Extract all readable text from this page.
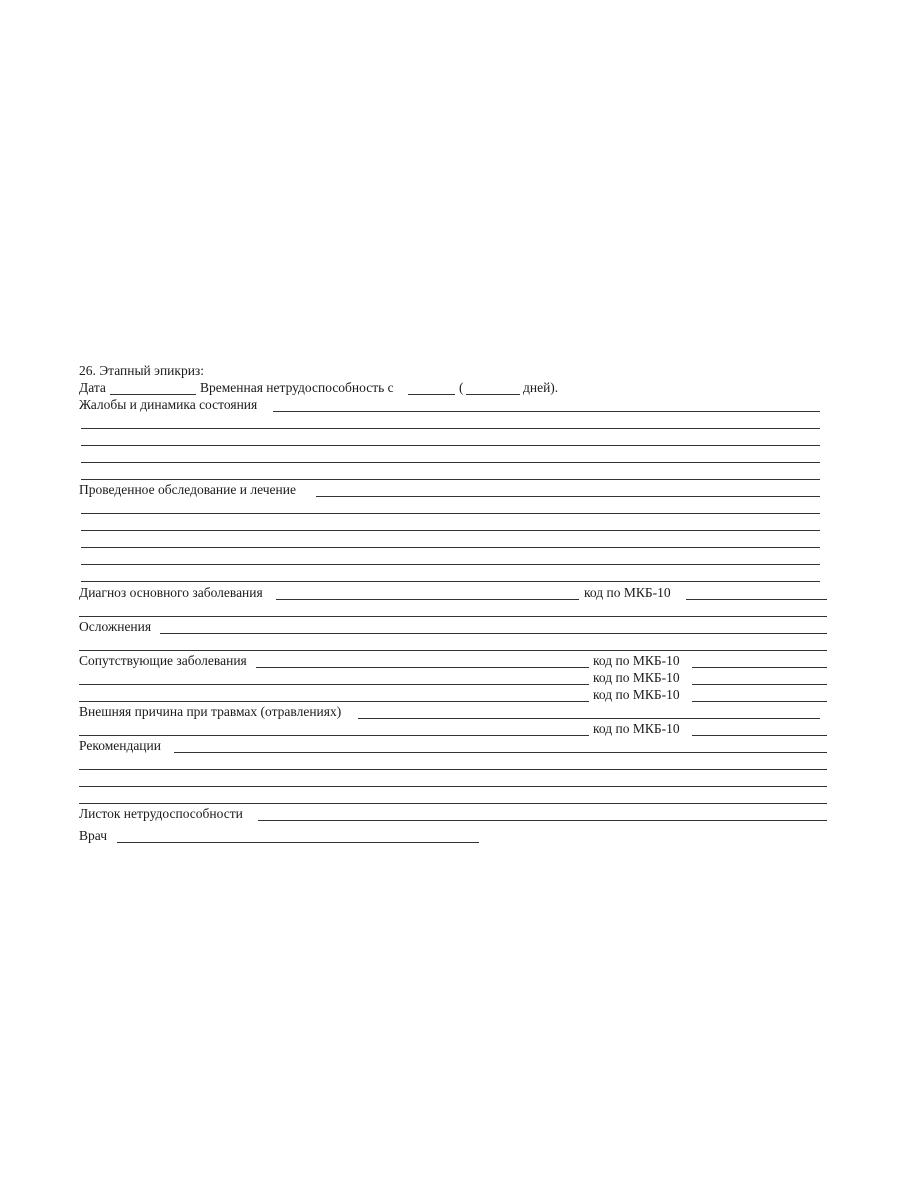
26. Этапный эпикриз:
Дата	Временная нетрудоспособность с	(	дней).
Жалобы и динамика состояния
Проведенное обследование и лечение
Диагноз основного заболевания	код по МКБ-10
Осложнения
Сопутствующие заболевания	код по МКБ-10
код по МКБ-10
код по МКБ-10
Внешняя причина при травмах (отравлениях)
код по МКБ-10
Рекомендации
Листок нетрудоспособности
Врач
